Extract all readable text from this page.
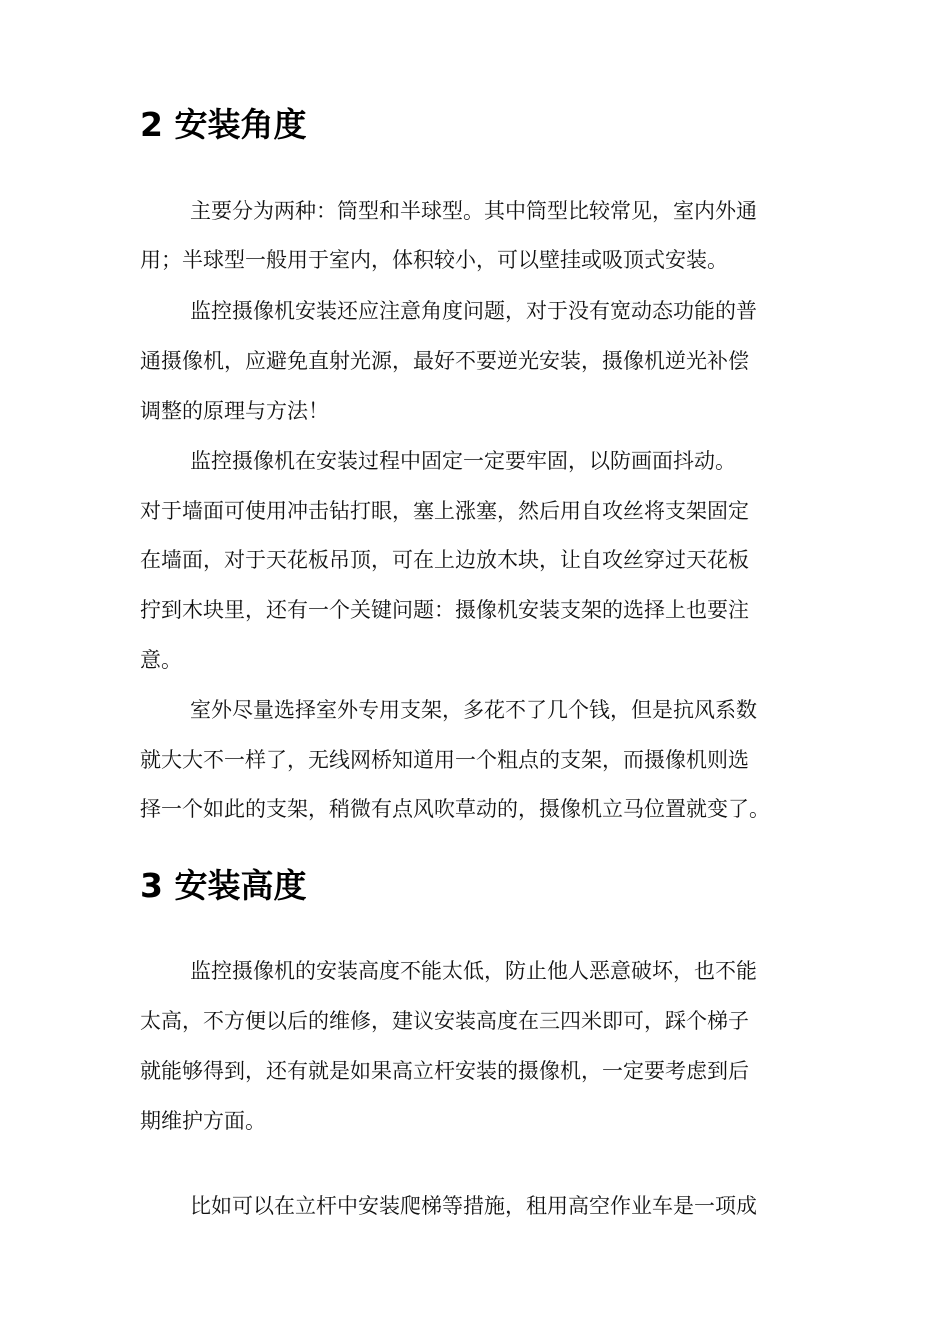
2 安装角度

主要分为两种：筒型和半球型。其中筒型比较常见，室内外通

用；半球型一般用于室内，体积较小，可以壁挂或吸顶式安装。

监控摄像机安装还应注意角度问题，对于没有宽动态功能的普

通摄像机，应避免直射光源，最好不要逆光安装，摄像机逆光补偿

调整的原理与方法！

监控摄像机在安装过程中固定一定要牢固，以防画面抖动。

对于墙面可使用冲击钻打眼，塞上涨塞，然后用自攻丝将支架固定

在墙面，对于天花板吊顶，可在上边放木块，让自攻丝穿过天花板

拧到木块里，还有一个关键问题：摄像机安装支架的选择上也要注

意。

室外尽量选择室外专用支架，多花不了几个钱，但是抗风系数

就大大不一样了，无线网桥知道用一个粗点的支架，而摄像机则选

择一个如此的支架，稍微有点风吹草动的，摄像机立马位置就变了。

3 安装高度

监控摄像机的安装高度不能太低，防止他人恶意破坏，也不能

太高，不方便以后的维修，建议安装高度在三四米即可，踩个梯子

就能够得到，还有就是如果高立杆安装的摄像机，一定要考虑到后

期维护方面。

比如可以在立杆中安装爬梯等措施，租用高空作业车是一项成
